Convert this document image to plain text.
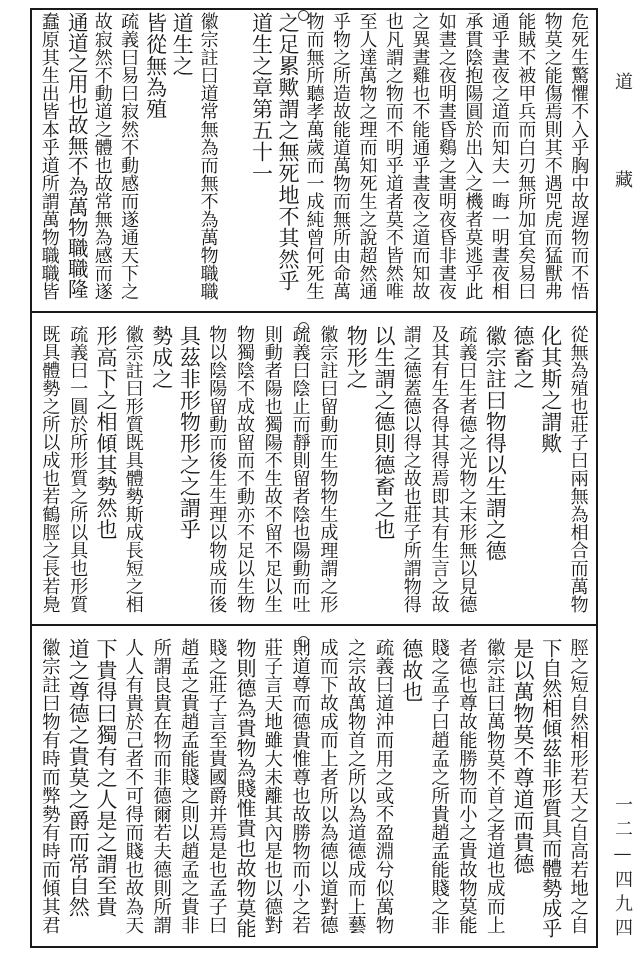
危死生驚懼不入乎胸中故遅物而不悟
物莫之能傷焉則其不遇兕虎而猛獸弗
能賊不被甲兵而白刃無所加宜矣易曰
通乎晝夜之道而知夫一晦一明晝夜相
承貫陰抱陽圓於出入之機者莫逃乎此
如晝之夜明晝昏鷄之晝明夜昏非晝夜
之異晝雞也不能通乎晝夜之道而知故
也凡謂之物而不明乎道者莫不皆然唯
至人達萬物之理而知死生之說超然通
乎物之所造故能道萬物而無所由命萬
物而無所聽孝萬歲而一成純曾何死生
之足累歟謂之無死地不其然乎
道生之章第五十一
徽宗註曰道常無為而無不為萬物職職
道生之
皆從無為殖
疏義曰易曰寂然不動感而遂通天下之
故寂然不動道之體也故常無為感而遂
通道之用也故無不為萬物職職隆
蠢原其生出皆本乎道所謂萬物職職皆
從無為殖也莊子曰兩無為相合而萬物
化其斯之謂歟
德畜之
徽宗註曰物得以生謂之德
疏義曰生者德之光物之末形無以見德
及其有生各得其得焉即其有生言之故
謂之德蓋德以得之故也莊子所謂物得
以生謂之德則德畜之也
物形之
徽宗註曰留動而生物物生成理謂之形
疏義曰陰止而靜則留者陰也陽動而吐
則動者陽也獨陽不生故不留不足以生
物獨陰不成故留而不動亦不足以生物
物以陰陽留動而後生生理以物成而後
具茲非形物形之之謂乎
勢成之
徽宗註曰形質既具體勢斯成長短之相
形高下之相傾其勢然也
疏義曰一圓於所形質之所以具也形質
既具體勢之所以成也若鶴脛之長若鳧
脛之短自然相形若天之自高若地之自
下自然相傾茲非形質具而體勢成乎
是以萬物莫不尊道而貴德
徽宗註曰萬物莫不首之者道也成而上
者德也尊故能勝物而小之貴故物莫能
賤之孟子曰趙孟之所貴趙孟能賤之非
德故也
疏義曰道沖而用之或不盈淵兮似萬物
之宗故萬物首之所以為道德成而上藝
成而下故成而上者所以為德以道對德
則道尊而德貴惟尊也故勝物而小之若
莊子言天地雖大未離其內是也以德對
物則德為貴物為賤惟貴也故物莫能
賤之莊子言至貴國爵并焉是也孟子曰
趙孟之貴趙孟能賤之則以趙孟之貴非
所謂良貴在物而非德爾若夫德則所謂
人人有貴於己者不可得而賤也故為天
下貴得曰獨有之人是之謂至貴
道之尊德之貴莫之爵而常自然
徽宗註曰物有時而弊勢有時而傾其君
道
藏
一二—四九四
